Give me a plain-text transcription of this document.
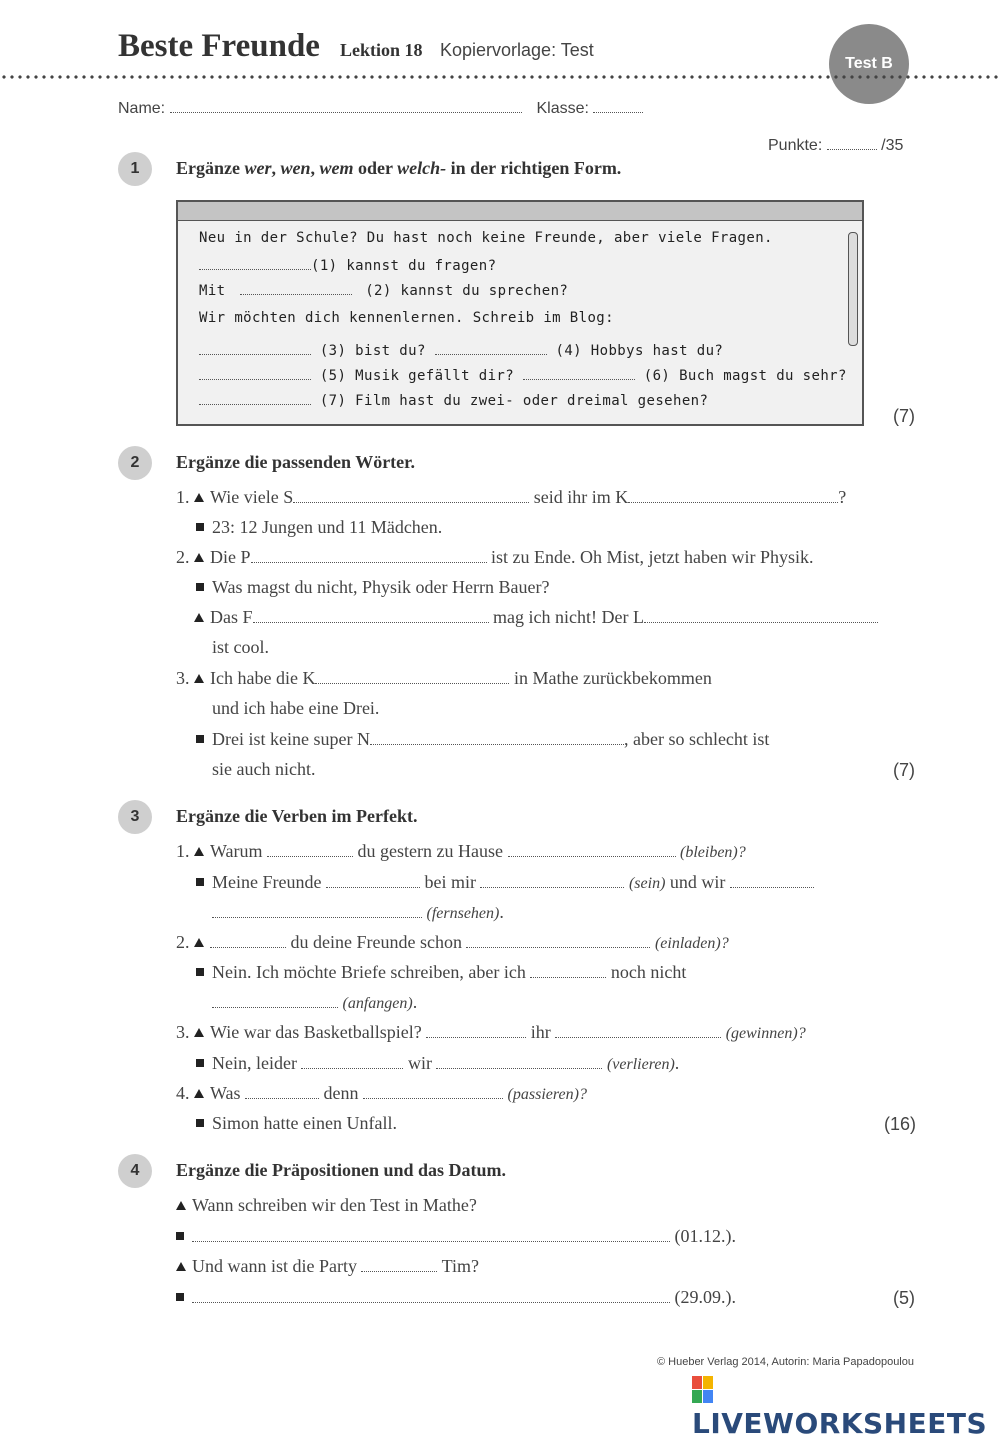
Beste Freunde Lektion 18 Kopiervorlage: Test
Test B
Name:	Klasse:
Punkte:	/35
1	Ergänze wer, wen, wem oder welch- in der richtigen Form.
Neu in der Schule? Du hast noch keine Freunde, aber viele Fragen.
(1) kannst du fragen?
Mit	(2) kannst du sprechen?
Wir möchten dich kennenlernen. Schreib im Blog:
(3) bist du?	(4) Hobbys hast du?
(5) Musik gefällt dir?	(6) Buch magst du sehr?
(7) Film hast du zwei- oder dreimal gesehen?
(7)
2	Ergänze die passenden Wörter.
1. Wie viele S	seid ihr im K	?
23: 12 Jungen und 11 Mädchen.
2. Die P	ist zu Ende. Oh Mist, jetzt haben wir Physik.
Was magst du nicht, Physik oder Herrn Bauer?
Das F	mag ich nicht! Der L
ist cool.
3. Ich habe die K	in Mathe zurückbekommen
und ich habe eine Drei.
Drei ist keine super N	, aber so schlecht ist
sie auch nicht.	(7)
3	Ergänze die Verben im Perfekt.
1. Warum	du gestern zu Hause	(bleiben)?
Meine Freunde	bei mir	(sein) und wir
(fernsehen).
2.	du deine Freunde schon	(einladen)?
Nein. Ich möchte Briefe schreiben, aber ich	noch nicht
(anfangen).
3. Wie war das Basketballspiel?	ihr	(gewinnen)?
Nein, leider	wir	(verlieren).
4. Was	denn	(passieren)?
Simon hatte einen Unfall.	(16)
4	Ergänze die Präpositionen und das Datum.
Wann schreiben wir den Test in Mathe?
(01.12.).
Und wann ist die Party	Tim?
(29.09.).	(5)
© Hueber Verlag 2014, Autorin: Maria Papadopoulou
LIVEWORKSHEETS
